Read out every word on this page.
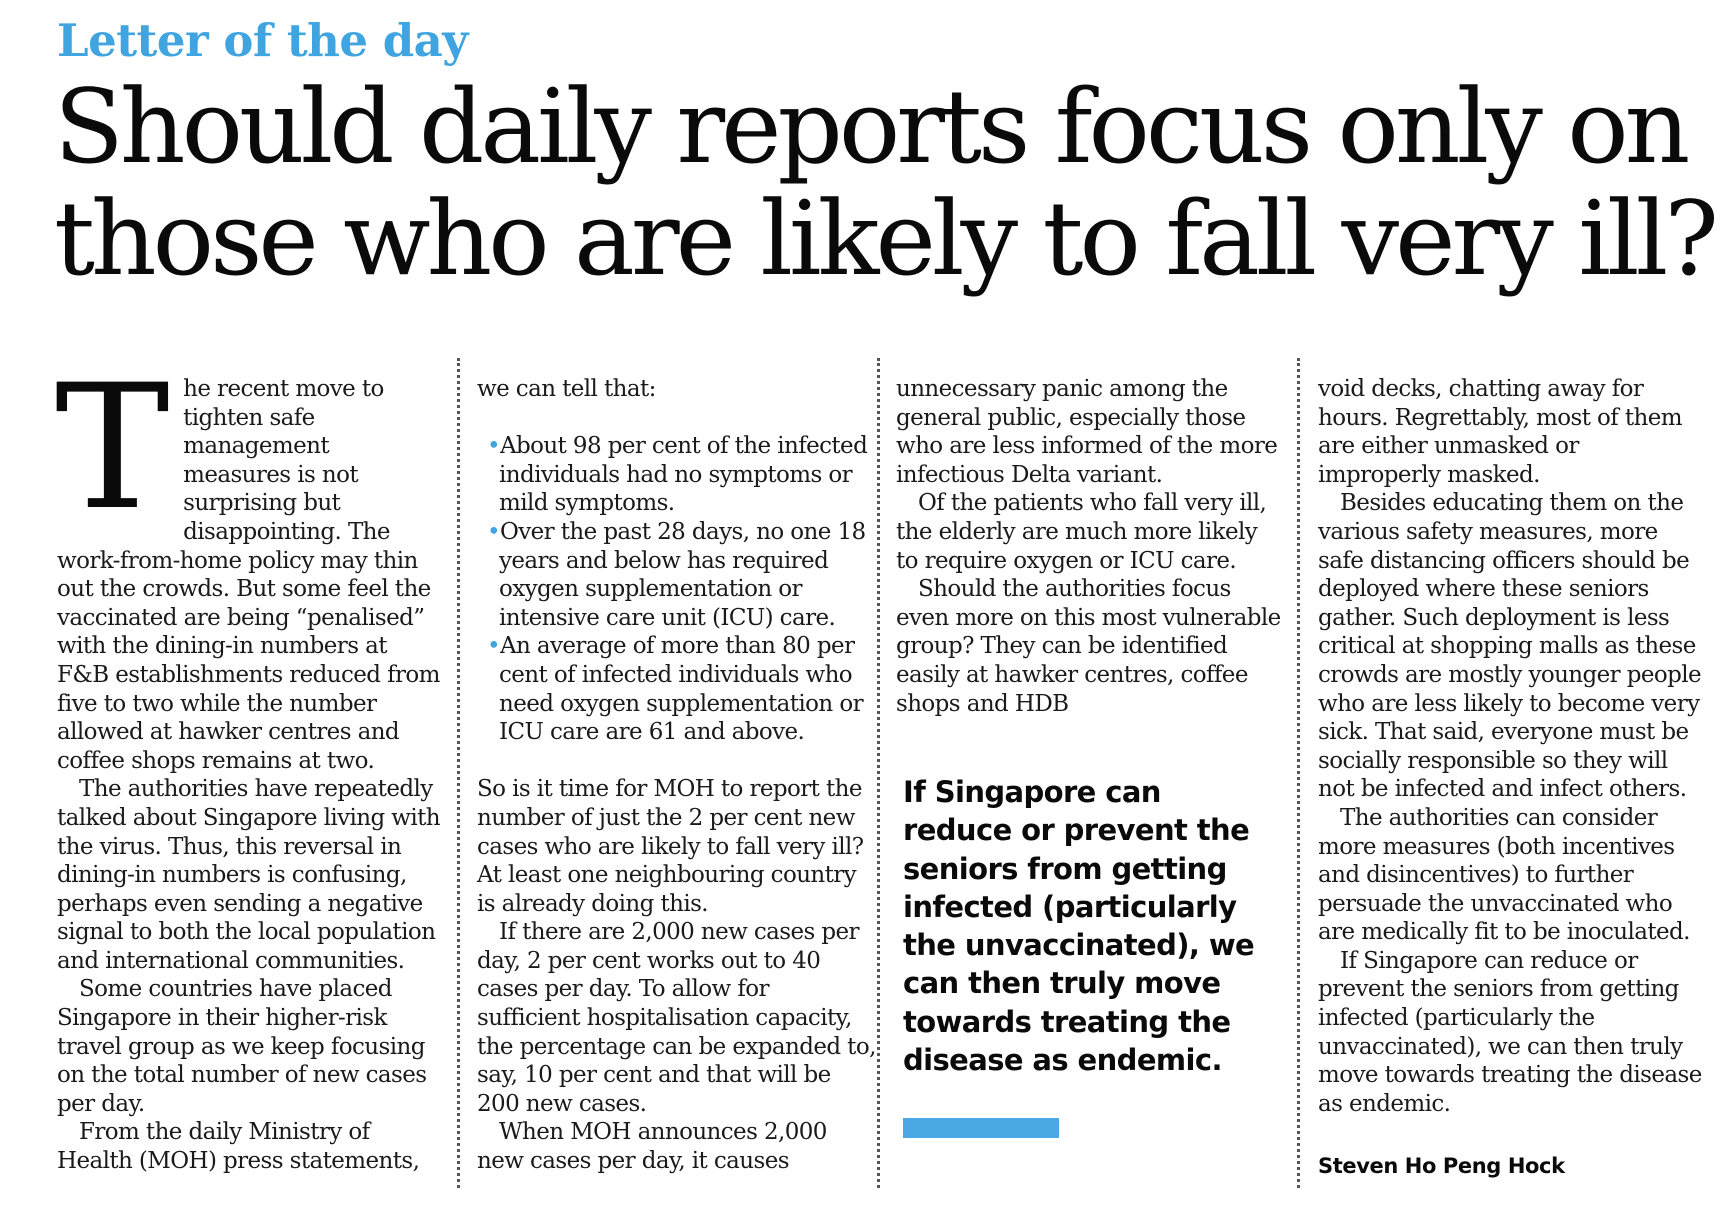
Letter of the day
Should daily reports focus only on
those who are likely to fall very ill?
T he recent move to tighten safe management measures is not surprising but disappointing. The work-from-home policy may thin out the crowds. But some feel the vaccinated are being “penalised” with the dining-in numbers at F&B establishments reduced from five to two while the number allowed at hawker centres and coffee shops remains at two.

The authorities have repeatedly talked about Singapore living with the virus. Thus, this reversal in dining-in numbers is confusing, perhaps even sending a negative signal to both the local population and international communities.

Some countries have placed Singapore in their higher-risk travel group as we keep focusing on the total number of new cases per day.

From the daily Ministry of Health (MOH) press statements,

we can tell that:

•About 98 per cent of the infected individuals had no symptoms or mild symptoms.
•Over the past 28 days, no one 18 years and below has required oxygen supplementation or intensive care unit (ICU) care.
•An average of more than 80 per cent of infected individuals who need oxygen supplementation or ICU care are 61 and above.

So is it time for MOH to report the number of just the 2 per cent new cases who are likely to fall very ill? At least one neighbouring country is already doing this.

If there are 2,000 new cases per day, 2 per cent works out to 40 cases per day. To allow for sufficient hospitalisation capacity, the percentage can be expanded to, say, 10 per cent and that will be 200 new cases.

When MOH announces 2,000 new cases per day, it causes

unnecessary panic among the general public, especially those who are less informed of the more infectious Delta variant.

Of the patients who fall very ill, the elderly are much more likely to require oxygen or ICU care.

Should the authorities focus even more on this most vulnerable group? They can be identified easily at hawker centres, coffee shops and HDB

If Singapore can reduce or prevent the seniors from getting infected (particularly the unvaccinated), we can then truly move towards treating the disease as endemic.

void decks, chatting away for hours. Regrettably, most of them are either unmasked or improperly masked.

Besides educating them on the various safety measures, more safe distancing officers should be deployed where these seniors gather. Such deployment is less critical at shopping malls as these crowds are mostly younger people who are less likely to become very sick. That said, everyone must be socially responsible so they will not be infected and infect others.

The authorities can consider more measures (both incentives and disincentives) to further persuade the unvaccinated who are medically fit to be inoculated.

If Singapore can reduce or prevent the seniors from getting infected (particularly the unvaccinated), we can then truly move towards treating the disease as endemic.

Steven Ho Peng Hock
